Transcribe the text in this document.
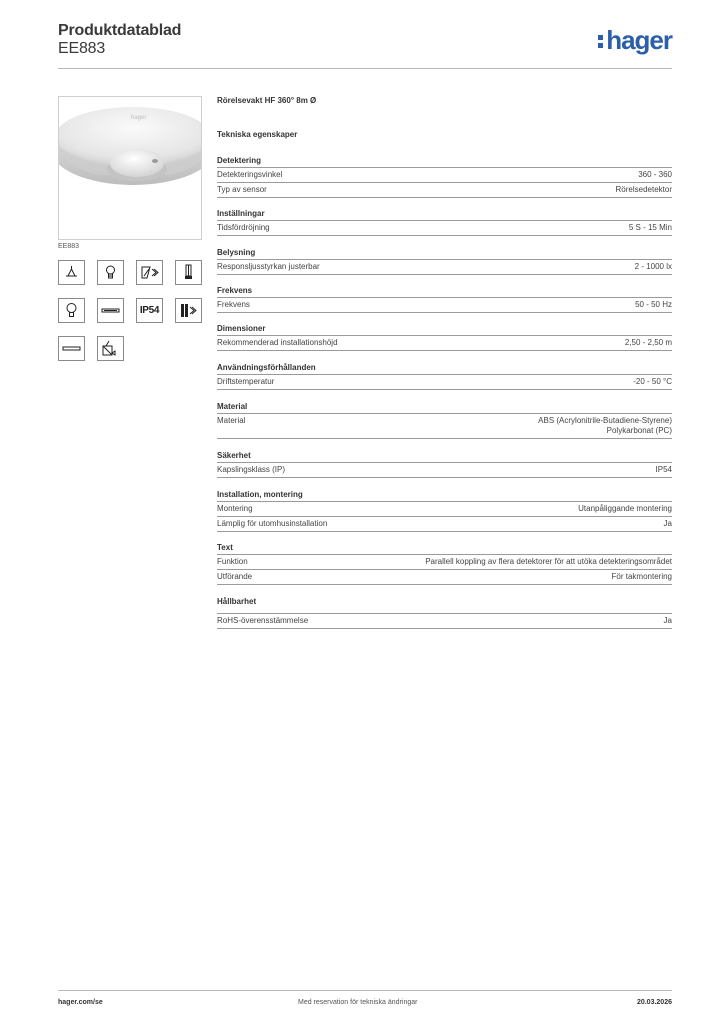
Produktdatablad
EE883	hager
hager
EE883
IP54
Rörelsevakt HF 360° 8m Ø
Tekniska egenskaper
Detektering
Detekteringsvinkel	360 - 360
Typ av sensor	Rörelsedetektor
Inställningar
Tidsfördröjning	5 S - 15 Min
Belysning
Responsljusstyrkan justerbar	2 - 1000 lx
Frekvens
Frekvens	50 - 50 Hz
Dimensioner
Rekommenderad installationshöjd	2,50 - 2,50 m
Användningsförhållanden
Driftstemperatur	-20 - 50 °C
Material
Material	ABS (Acrylonitrile-Butadiene-Styrene)
Polykarbonat (PC)
Säkerhet
Kapslingsklass (IP)	IP54
Installation, montering
Montering	Utanpåliggande montering
Lämplig för utomhusinstallation	Ja
Text
Funktion	Parallell koppling av flera detektorer för att utöka detekteringsområdet
Utförande	För takmontering
Hållbarhet
RoHS-överensstämmelse	Ja
hager.com/se	Med reservation för tekniska ändringar	20.03.2026
